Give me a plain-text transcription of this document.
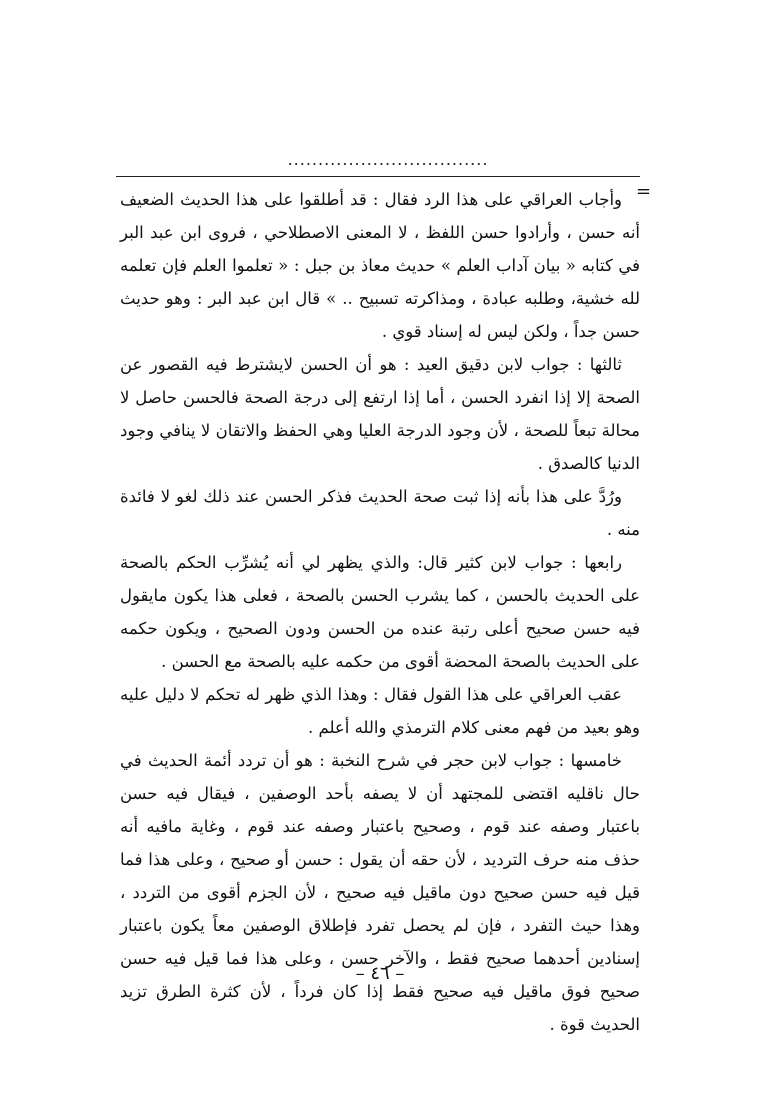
.................................
=

وأجاب العراقي على هذا الرد فقال : قد أطلقوا على هذا الحديث الضعيف أنه حسن ، وأرادوا حسن اللفظ ، لا المعنى الاصطلاحي ، فروى ابن عبد البر في كتابه « بيان آداب العلم » حديث معاذ بن جبل : « تعلموا العلم فإن تعلمه لله خشية، وطلبه عبادة ، ومذاكرته تسبيح .. » قال ابن عبد البر : وهو حديث حسن جداً ، ولكن ليس له إسناد قوي .

ثالثها : جواب لابن دقيق العيد : هو أن الحسن لايشترط فيه القصور عن الصحة إلا إذا انفرد الحسن ، أما إذا ارتفع إلى درجة الصحة فالحسن حاصل لا محالة تبعاً للصحة ، لأن وجود الدرجة العليا وهي الحفظ والاتقان لا ينافي وجود الدنيا كالصدق .

ورُدَّ على هذا بأنه إذا ثبت صحة الحديث فذكر الحسن عند ذلك لغو لا فائدة منه .

رابعها : جواب لابن كثير قال: والذي يظهر لي أنه يُشرِّب الحكم بالصحة على الحديث بالحسن ، كما يشرب الحسن بالصحة ، فعلى هذا يكون مايقول فيه حسن صحيح أعلى رتبة عنده من الحسن ودون الصحيح ، ويكون حكمه على الحديث بالصحة المحضة أقوى من حكمه عليه بالصحة مع الحسن .

عقب العراقي على هذا القول فقال : وهذا الذي ظهر له تحكم لا دليل عليه وهو بعيد من فهم معنى كلام الترمذي والله أعلم .

خامسها : جواب لابن حجر في شرح النخبة : هو أن تردد أئمة الحديث في حال ناقليه اقتضى للمجتهد أن لا يصفه بأحد الوصفين ، فيقال فيه حسن باعتبار وصفه عند قوم ، وصحيح باعتبار وصفه عند قوم ، وغاية مافيه أنه حذف منه حرف الترديد ، لأن حقه أن يقول : حسن أو صحيح ، وعلى هذا فما قيل فيه حسن صحيح دون ماقيل فيه صحيح ، لأن الجزم أقوى من التردد ، وهذا حيث التفرد ، فإن لم يحصل تفرد فإطلاق الوصفين معاً يكون باعتبار إسنادين أحدهما صحيح فقط ، والآخر حسن ، وعلى هذا فما قيل فيه حسن صحيح فوق ماقيل فيه صحيح فقط إذا كان فرداً ، لأن كثرة الطرق تزيد الحديث قوة .

– ٤٦ –
